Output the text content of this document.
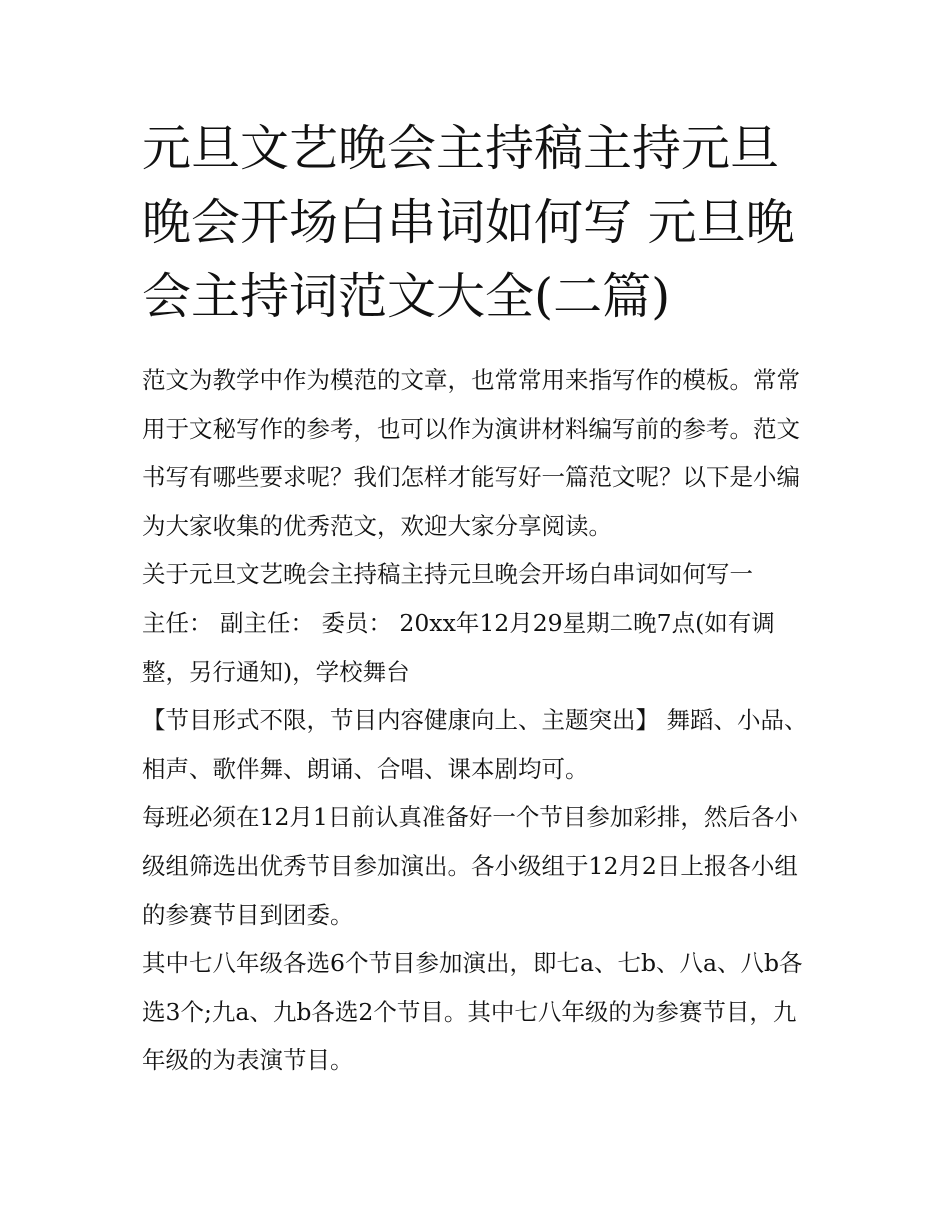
元旦文艺晚会主持稿主持元旦晚会开场白串词如何写 元旦晚会主持词范文大全(二篇)

范文为教学中作为模范的文章，也常常用来指写作的模板。常常用于文秘写作的参考，也可以作为演讲材料编写前的参考。范文书写有哪些要求呢？我们怎样才能写好一篇范文呢？以下是小编为大家收集的优秀范文，欢迎大家分享阅读。

关于元旦文艺晚会主持稿主持元旦晚会开场白串词如何写一

主任： 副主任： 委员： 20xx年12月29星期二晚7点(如有调整，另行通知)，学校舞台

【节目形式不限，节目内容健康向上、主题突出】 舞蹈、小品、相声、歌伴舞、朗诵、合唱、课本剧均可。

每班必须在12月1日前认真准备好一个节目参加彩排，然后各小级组筛选出优秀节目参加演出。各小级组于12月2日上报各小组的参赛节目到团委。

其中七八年级各选6个节目参加演出，即七a、七b、八a、八b各选3个;九a、九b各选2个节目。其中七八年级的为参赛节目，九年级的为表演节目。
